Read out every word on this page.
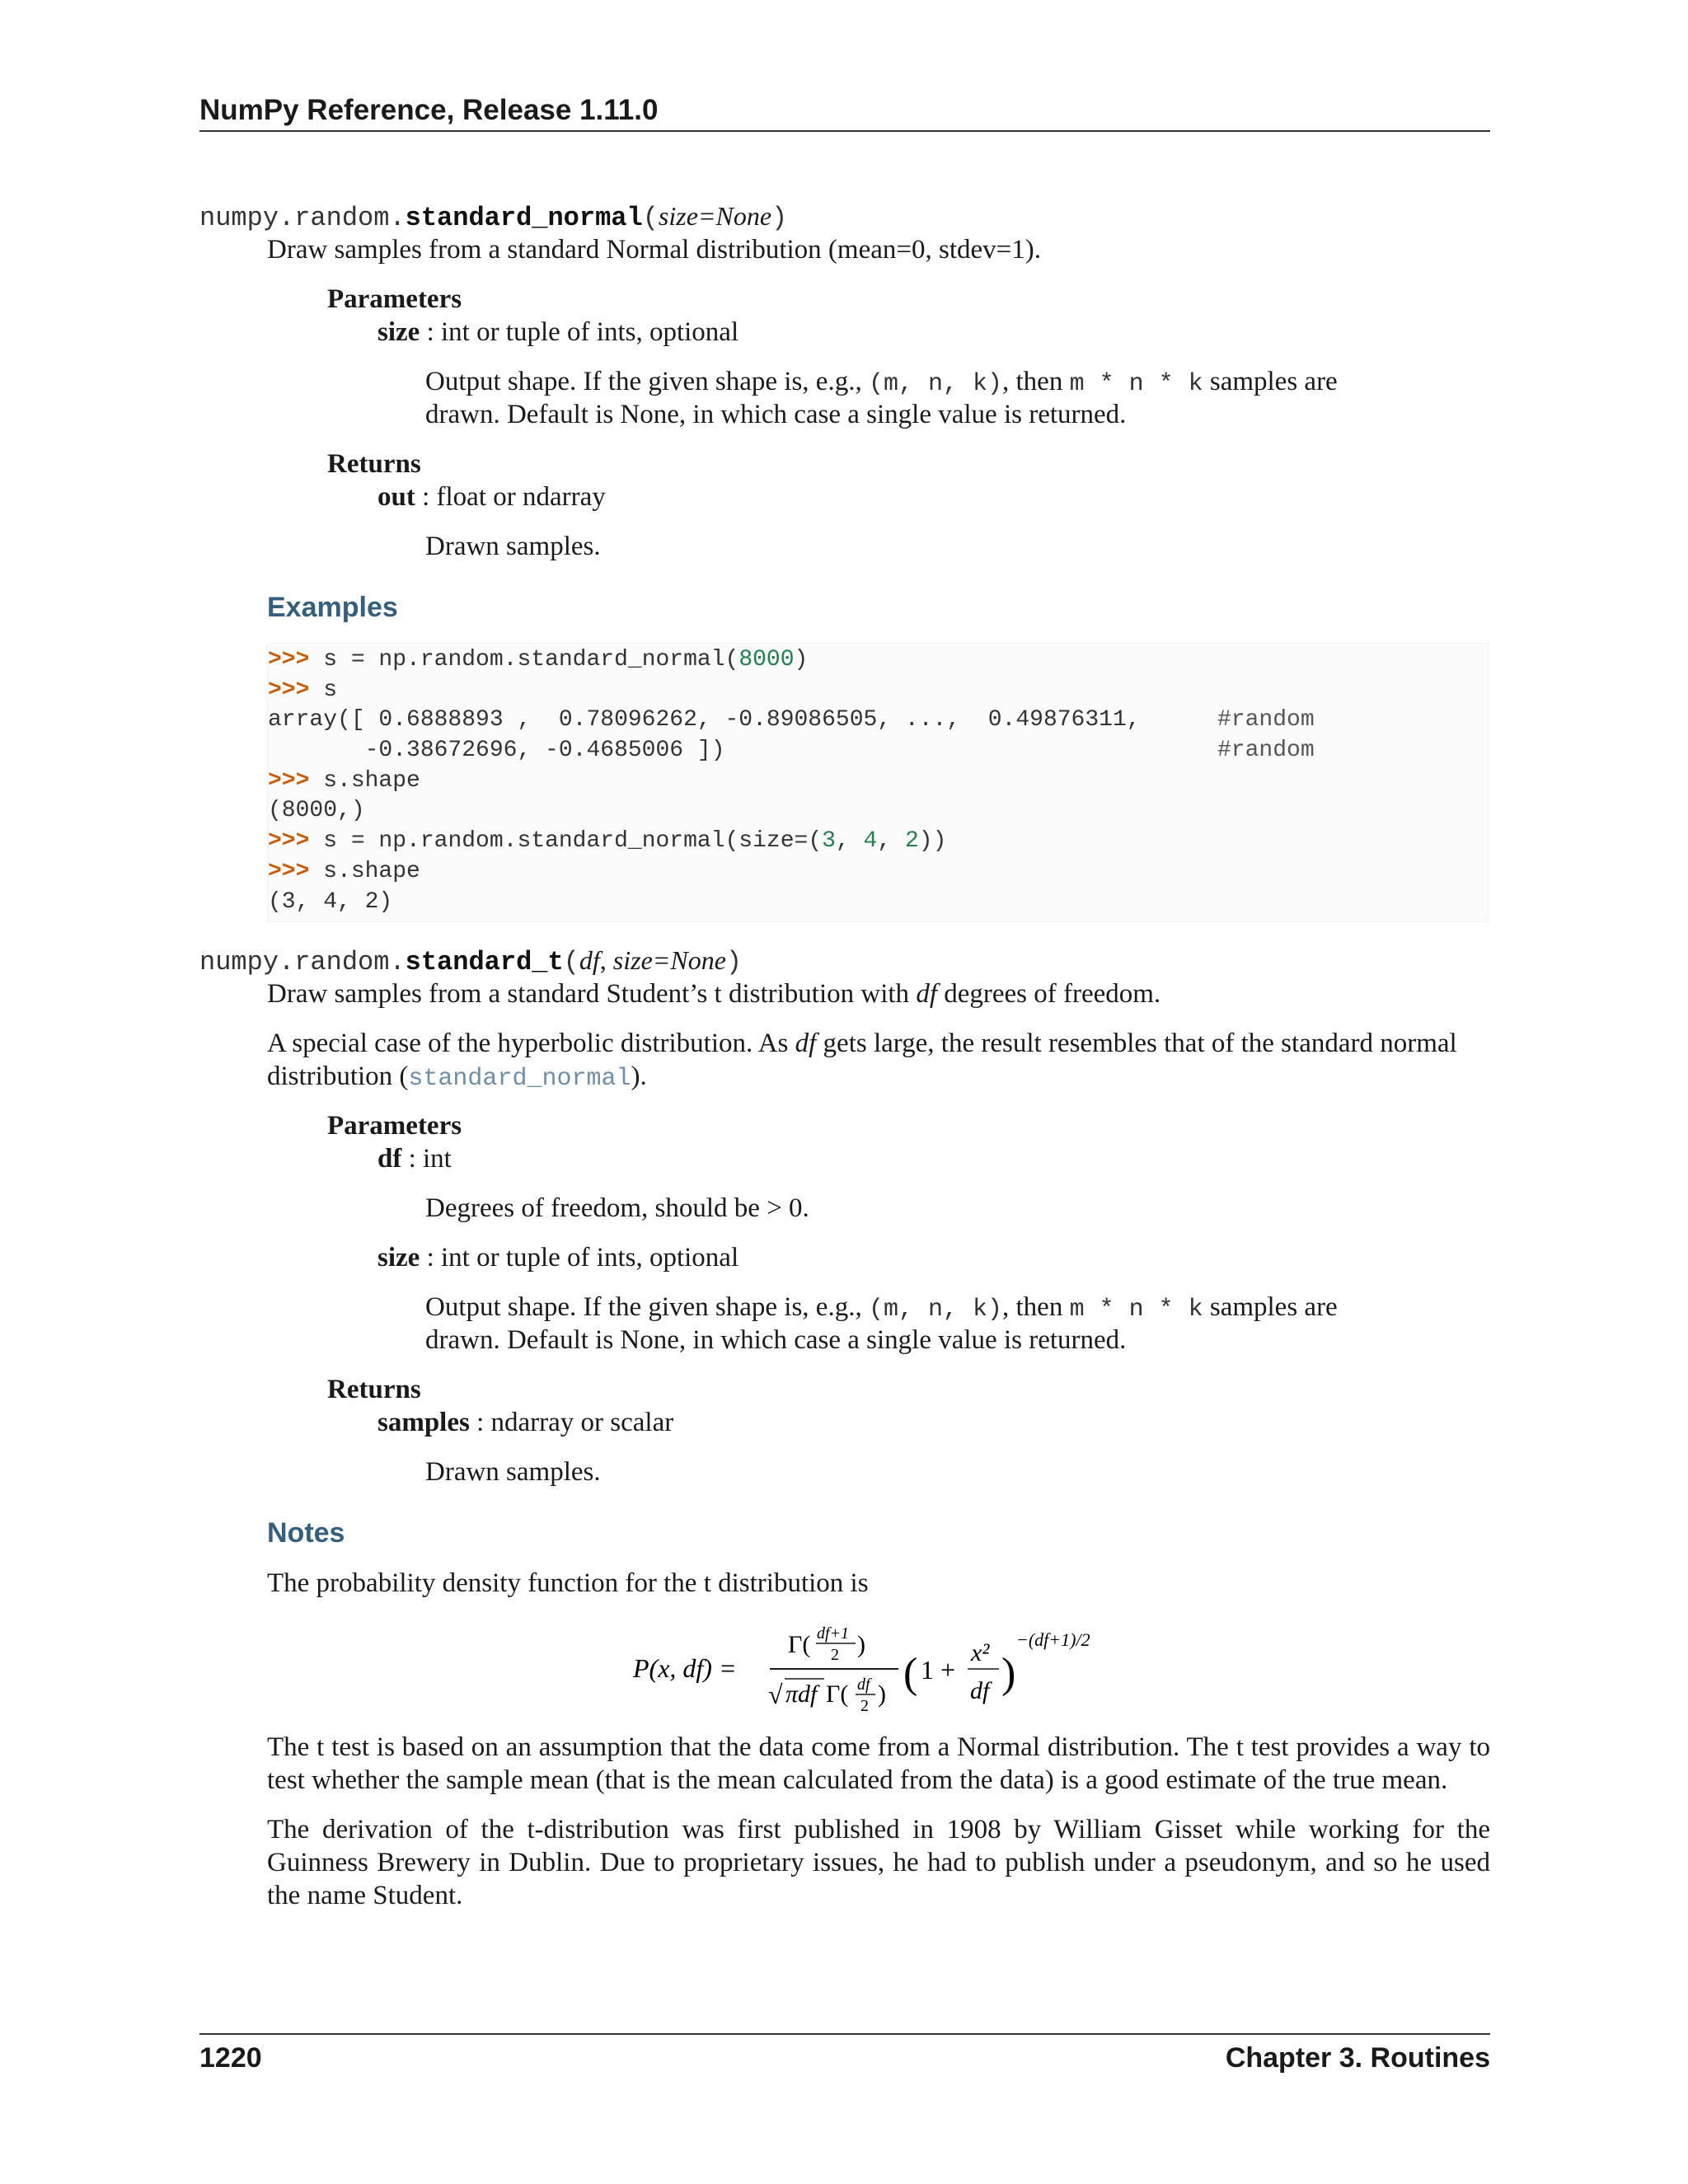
NumPy Reference, Release 1.11.0
numpy.random.standard_normal(size=None)
Draw samples from a standard Normal distribution (mean=0, stdev=1).
Parameters
size : int or tuple of ints, optional
Output shape. If the given shape is, e.g., (m, n, k), then m * n * k samples are
drawn. Default is None, in which case a single value is returned.
Returns
out : float or ndarray
Drawn samples.
Examples
>>> s = np.random.standard_normal(8000)
>>> s
array([ 0.6888893 ,  0.78096262, -0.89086505, ...,  0.49876311,	#random
-0.38672696, -0.4685006 ])	#random
>>> s.shape
(8000,)
>>> s = np.random.standard_normal(size=(3, 4, 2))
>>> s.shape
(3, 4, 2)
numpy.random.standard_t(df, size=None)
Draw samples from a standard Student’s t distribution with df degrees of freedom.
A special case of the hyperbolic distribution. As df gets large, the result resembles that of the standard normal
distribution (standard_normal).
Parameters
df : int
Degrees of freedom, should be > 0.
size : int or tuple of ints, optional
Output shape. If the given shape is, e.g., (m, n, k), then m * n * k samples are
drawn. Default is None, in which case a single value is returned.
Returns
samples : ndarray or scalar
Drawn samples.
Notes
The probability density function for the t distribution is
P(x, df) =
Γ( df+1
2 )
√ πdf Γ( df
2 ) ( 1 +
x²
df )
−(df+1)/2
The t test is based on an assumption that the data come from a Normal distribution. The t test provides a way to test whether the sample mean (that is the mean calculated from the data) is a good estimate of the true mean.
The derivation of the t-distribution was first published in 1908 by William Gisset while working for the Guinness Brewery in Dublin. Due to proprietary issues, he had to publish under a pseudonym, and so he used the name Student.
1220	Chapter 3. Routines
